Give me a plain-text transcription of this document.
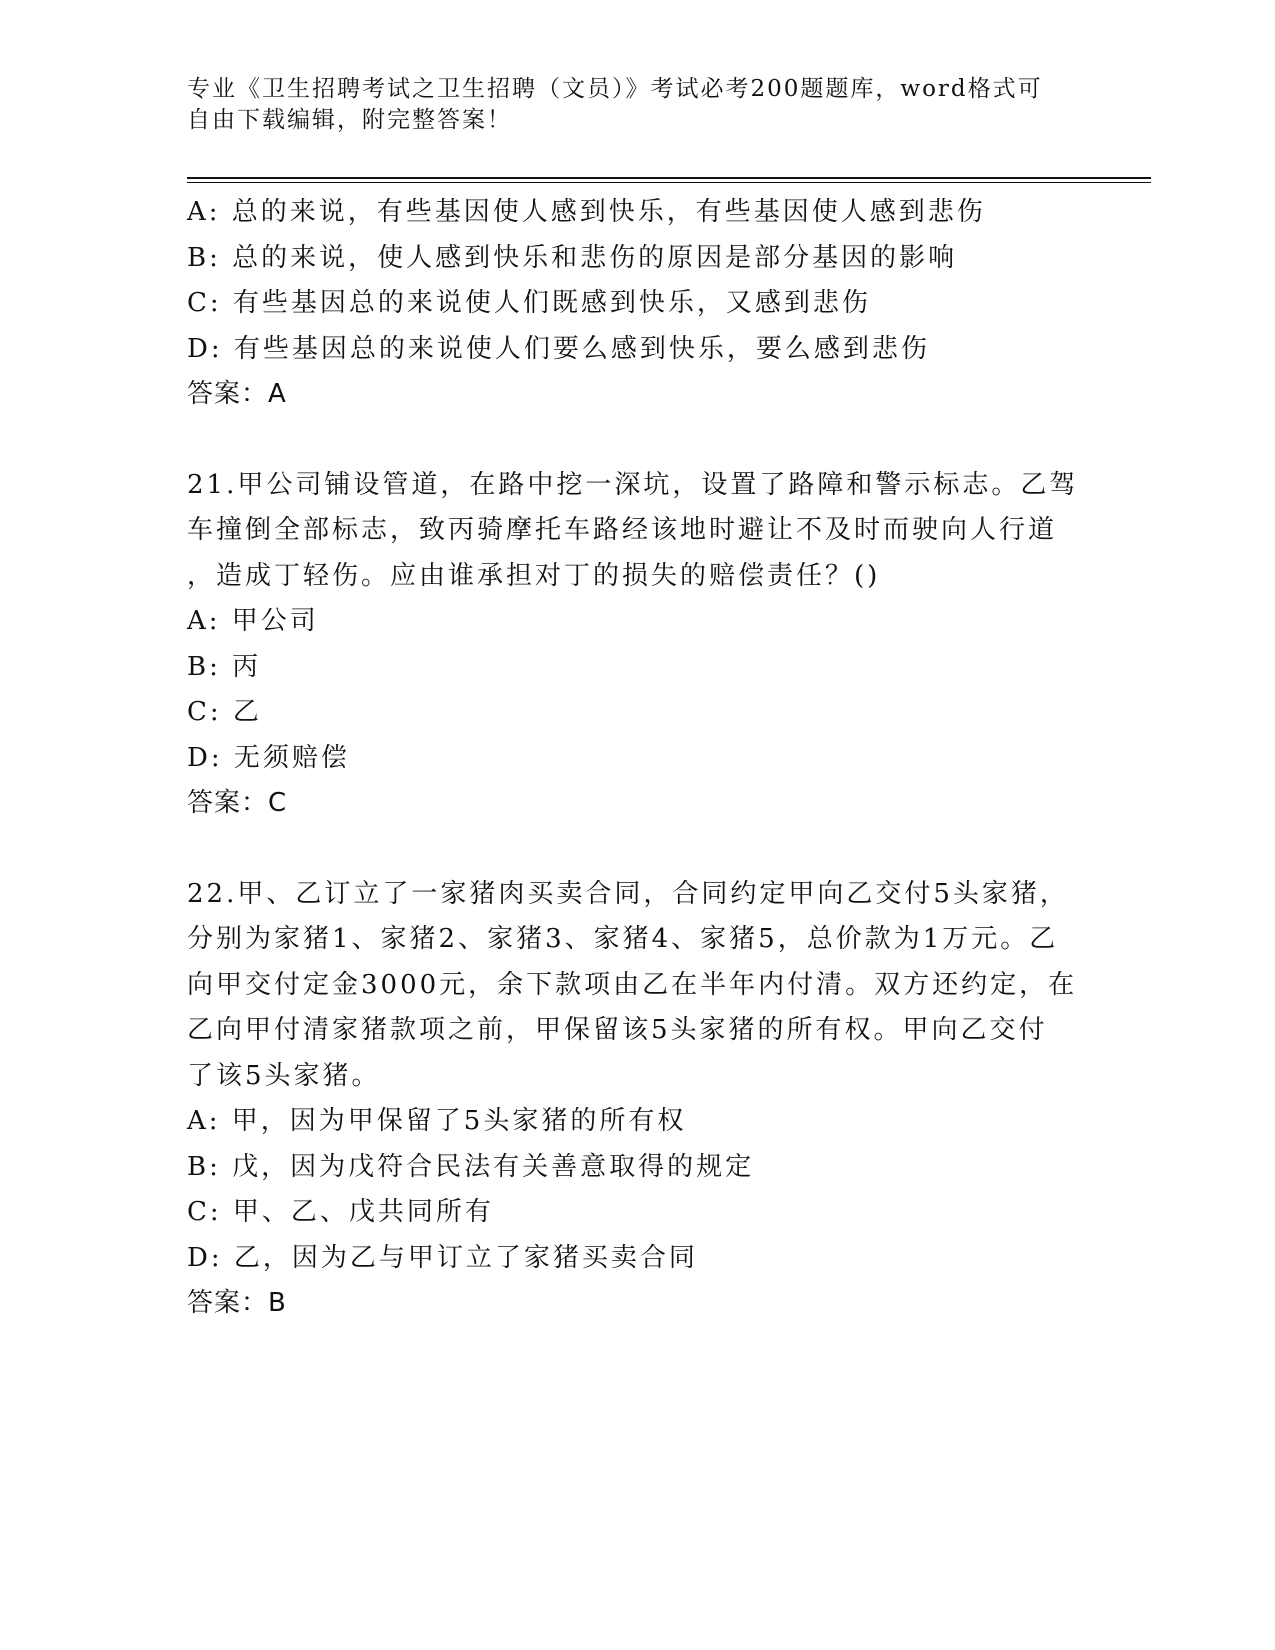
专业《卫生招聘考试之卫生招聘（文员）》考试必考200题题库，word格式可自由下载编辑，附完整答案！
A: 总的来说，有些基因使人感到快乐，有些基因使人感到悲伤
B: 总的来说，使人感到快乐和悲伤的原因是部分基因的影响
C: 有些基因总的来说使人们既感到快乐，又感到悲伤
D: 有些基因总的来说使人们要么感到快乐，要么感到悲伤
答案：A
21.甲公司铺设管道，在路中挖一深坑，设置了路障和警示标志。乙驾
车撞倒全部标志，致丙骑摩托车路经该地时避让不及时而驶向人行道
，造成丁轻伤。应由谁承担对丁的损失的赔偿责任？()
A: 甲公司
B: 丙
C: 乙
D: 无须赔偿
答案：C
22.甲、乙订立了一家猪肉买卖合同，合同约定甲向乙交付5头家猪，
分别为家猪1、家猪2、家猪3、家猪4、家猪5，总价款为1万元。乙
向甲交付定金3000元，余下款项由乙在半年内付清。双方还约定，在
乙向甲付清家猪款项之前，甲保留该5头家猪的所有权。甲向乙交付
了该5头家猪。
A: 甲，因为甲保留了5头家猪的所有权
B: 戊，因为戊符合民法有关善意取得的规定
C: 甲、乙、戊共同所有
D: 乙，因为乙与甲订立了家猪买卖合同
答案：B
